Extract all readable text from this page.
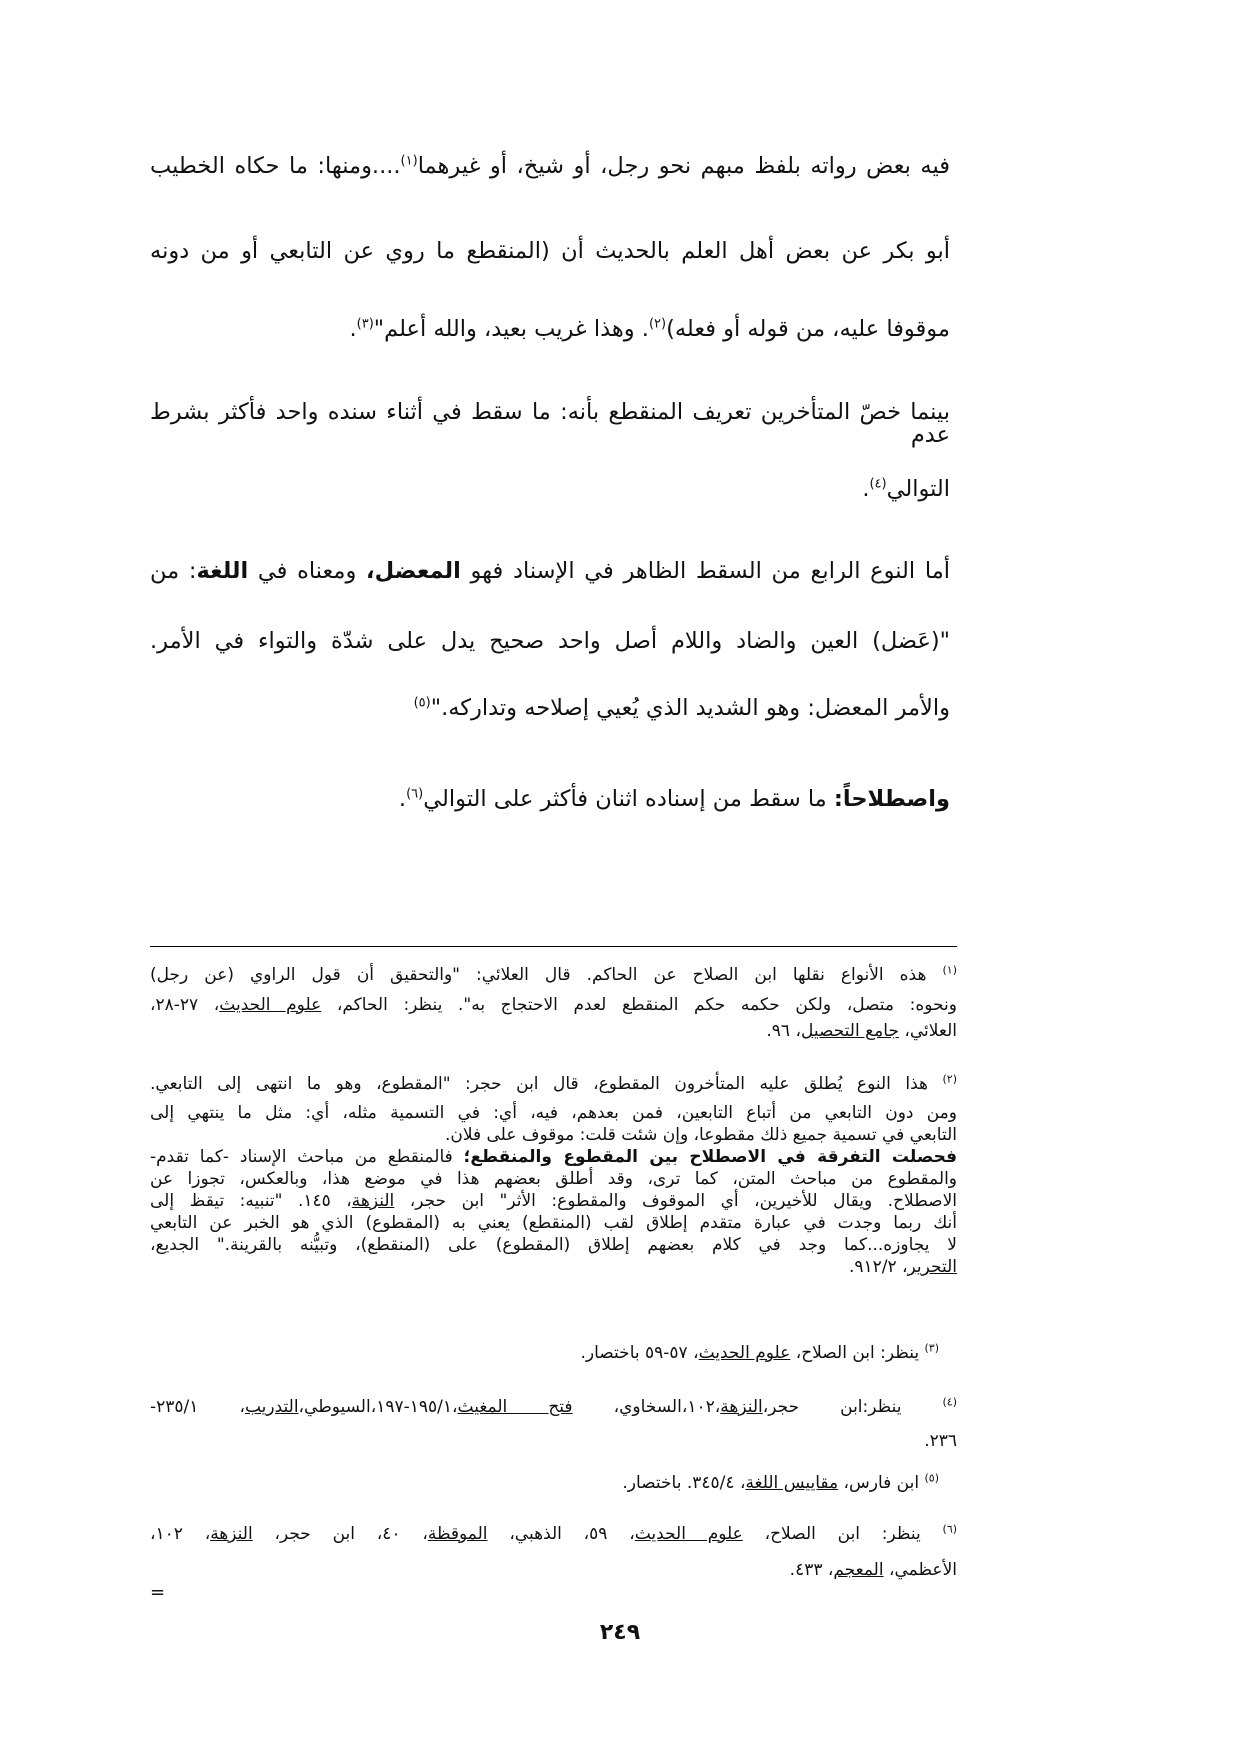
فيه بعض رواته بلفظ مبهم نحو رجل، أو شيخ، أو غيرهما$^{(١)}$....ومنها: ما حكاه الخطيب
أبو بكر عن بعض أهل العلم بالحديث أن (المنقطع ما روي عن التابعي أو من دونه
موقوفا عليه، من قوله أو فعله)$^{(٢)}$. وهذا غريب بعيد، والله أعلم"$^{(٣)}$.
بينما خصّ المتأخرين تعريف المنقطع بأنه: ما سقط في أثناء سنده واحد فأكثر بشرط عدم
التوالي$^{(٤)}$.
أما النوع الرابع من السقط الظاهر في الإسناد فهو المعضل، ومعناه في اللغة: من
"(عَضل) العين والضاد واللام أصل واحد صحيح يدل على شدّة والتواء في الأمر.
والأمر المعضل: وهو الشديد الذي يُعيي إصلاحه وتداركه."$^{(٥)}$
واصطلاحاً: ما سقط من إسناده اثنان فأكثر على التوالي$^{(٦)}$.
$^{(١)}$ هذه الأنواع نقلها ابن الصلاح عن الحاكم. قال العلائي: "والتحقيق أن قول الراوي (عن رجل)
ونحوه: متصل، ولكن حكمه حكم المنقطع لعدم الاحتجاج به". ينظر: الحاكم، علوم الحديث، ٢٧-٢٨،
العلائي، جامع التحصيل، ٩٦.
$^{(٢)}$ هذا النوع يُطلق عليه المتأخرون المقطوع، قال ابن حجر: "المقطوع، وهو ما انتهى إلى التابعي.
ومن دون التابعي من أتباع التابعين، فمن بعدهم، فيه، أي: في التسمية مثله، أي: مثل ما ينتهي إلى
التابعي في تسمية جميع ذلك مقطوعا، وإن شئت قلت: موقوف على فلان.
فحصلت التفرقة في الاصطلاح بين المقطوع والمنقطع؛ فالمنقطع من مباحث الإسناد -كما تقدم-
والمقطوع من مباحث المتن، كما ترى، وقد أطلق بعضهم هذا في موضع هذا، وبالعكس، تجوزا عن
الاصطلاح. ويقال للأخيرين، أي الموقوف والمقطوع: الأثر" ابن حجر، النزهة، ١٤٥. "تنبيه: تيقظ إلى
أنك ربما وجدت في عبارة متقدم إطلاق لقب (المنقطع) يعني به (المقطوع) الذي هو الخبر عن التابعي
لا يجاوزه...كما وجد في كلام بعضهم إطلاق (المقطوع) على (المنقطع)، وتبيُّنه بالقرينة." الجديع،
التحرير، ٩١٢/٢.
$^{(٣)}$ ينظر: ابن الصلاح، علوم الحديث، ٥٧-٥٩ باختصار.
$^{(٤)}$ ينظر:ابن حجر،النزهة،١٠٢،السخاوي، فتح المغيث،١٩٥/١-١٩٧،السيوطي،التدريب، ٢٣٥/١-
٢٣٦.
$^{(٥)}$ ابن فارس، مقاييس اللغة، ٣٤٥/٤. باختصار.
$^{(٦)}$ ينظر: ابن الصلاح، علوم الحديث، ٥٩، الذهبي، الموقظة، ٤٠، ابن حجر، النزهة، ١٠٢،
الأعظمي، المعجم، ٤٣٣.
=
٢٤٩
